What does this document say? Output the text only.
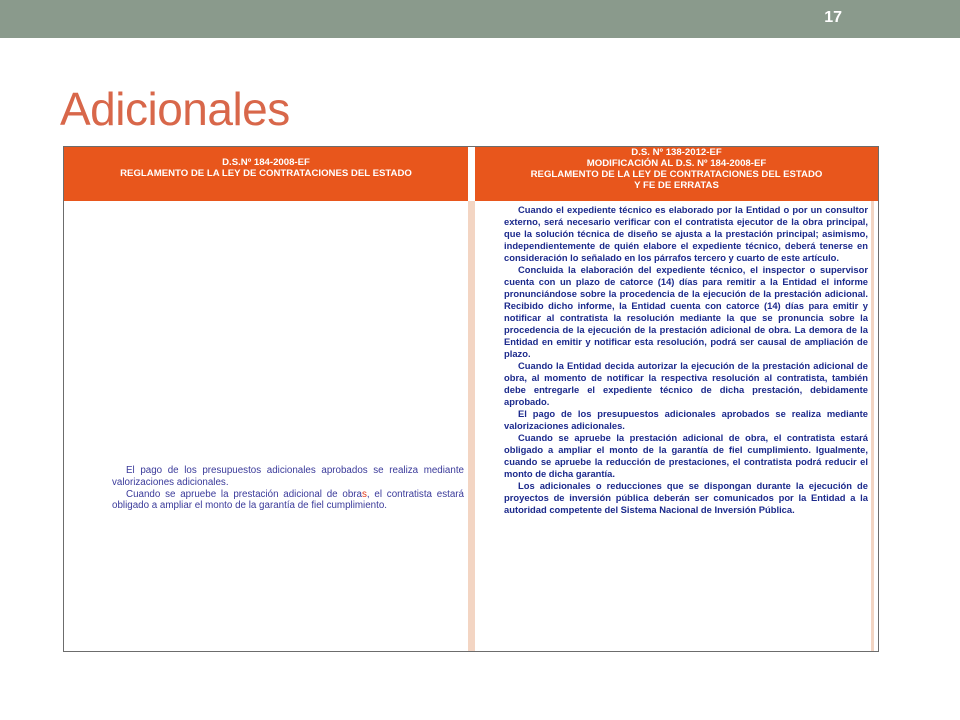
17
Adicionales
D.S.Nº 184-2008-EF
REGLAMENTO DE LA LEY DE CONTRATACIONES DEL ESTADO
D.S. Nº 138-2012-EF
MODIFICACIÓN AL D.S. Nº 184-2008-EF
REGLAMENTO DE LA LEY DE CONTRATACIONES DEL ESTADO
Y FE DE ERRATAS

El pago de los presupuestos adicionales aprobados se realiza mediante valorizaciones adicionales.

Cuando se apruebe la prestación adicional de obras, el contratista estará obligado a ampliar el monto de la garantía de fiel cumplimiento.

Cuando el expediente técnico es elaborado por la Entidad o por un consultor externo, será necesario verificar con el contratista ejecutor de la obra principal, que la solución técnica de diseño se ajusta a la prestación principal; asimismo, independientemente de quién elabore el expediente técnico, deberá tenerse en consideración lo señalado en los párrafos tercero y cuarto de este artículo.

Concluida la elaboración del expediente técnico, el inspector o supervisor cuenta con un plazo de catorce (14) días para remitir a la Entidad el informe pronunciándose sobre la procedencia de la ejecución de la prestación adicional. Recibido dicho informe, la Entidad cuenta con catorce (14) días para emitir y notificar al contratista la resolución mediante la que se pronuncia sobre la procedencia de la ejecución de la prestación adicional de obra. La demora de la Entidad en emitir y notificar esta resolución, podrá ser causal de ampliación de plazo.

Cuando la Entidad decida autorizar la ejecución de la prestación adicional de obra, al momento de notificar la respectiva resolución al contratista, también debe entregarle el expediente técnico de dicha prestación, debidamente aprobado.

El pago de los presupuestos adicionales aprobados se realiza mediante valorizaciones adicionales.

Cuando se apruebe la prestación adicional de obra, el contratista estará obligado a ampliar el monto de la garantía de fiel cumplimiento. Igualmente, cuando se apruebe la reducción de prestaciones, el contratista podrá reducir el monto de dicha garantía.

Los adicionales o reducciones que se dispongan durante la ejecución de proyectos de inversión pública deberán ser comunicados por la Entidad a la autoridad competente del Sistema Nacional de Inversión Pública.
